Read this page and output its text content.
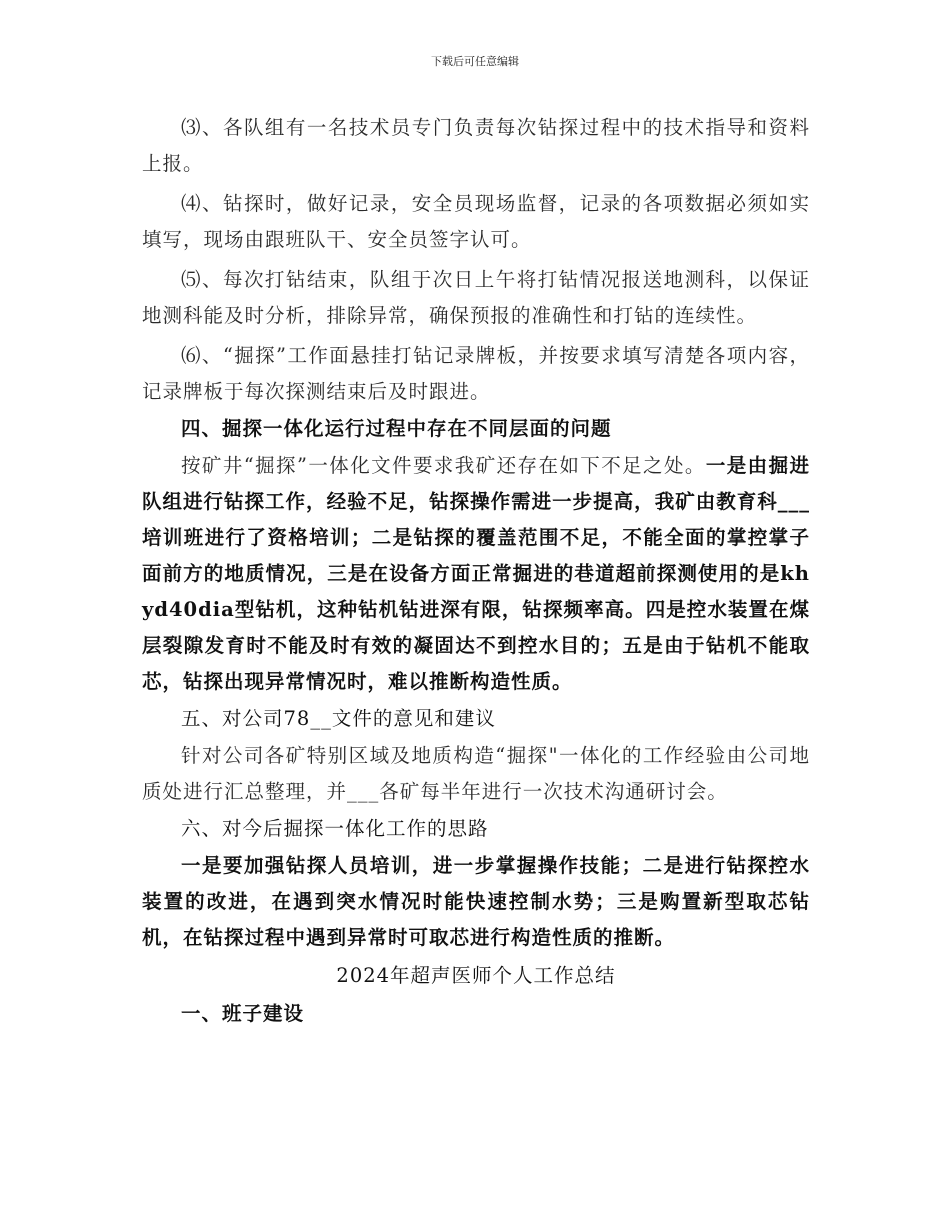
下载后可任意编辑

⑶、各队组有一名技术员专门负责每次钻探过程中的技术指导和资料上报。

⑷、钻探时，做好记录，安全员现场监督，记录的各项数据必须如实填写，现场由跟班队干、安全员签字认可。

⑸、每次打钻结束，队组于次日上午将打钻情况报送地测科，以保证地测科能及时分析，排除异常，确保预报的准确性和打钻的连续性。

⑹、“掘探”工作面悬挂打钻记录牌板，并按要求填写清楚各项内容，记录牌板于每次探测结束后及时跟进。

四、掘探一体化运行过程中存在不同层面的问题

按矿井“掘探”一体化文件要求我矿还存在如下不足之处。一是由掘进队组进行钻探工作，经验不足，钻探操作需进一步提高，我矿由教育科___培训班进行了资格培训；二是钻探的覆盖范围不足，不能全面的掌控掌子面前方的地质情况，三是在设备方面正常掘进的巷道超前探测使用的是khyd40dia型钻机，这种钻机钻进深有限，钻探频率高。四是控水装置在煤层裂隙发育时不能及时有效的凝固达不到控水目的；五是由于钻机不能取芯，钻探出现异常情况时，难以推断构造性质。

五、对公司78__文件的意见和建议

针对公司各矿特别区域及地质构造“掘探"一体化的工作经验由公司地质处进行汇总整理，并___各矿每半年进行一次技术沟通研讨会。

六、对今后掘探一体化工作的思路

一是要加强钻探人员培训，进一步掌握操作技能；二是进行钻探控水装置的改进，在遇到突水情况时能快速控制水势；三是购置新型取芯钻机，在钻探过程中遇到异常时可取芯进行构造性质的推断。

2024年超声医师个人工作总结

一、班子建设
